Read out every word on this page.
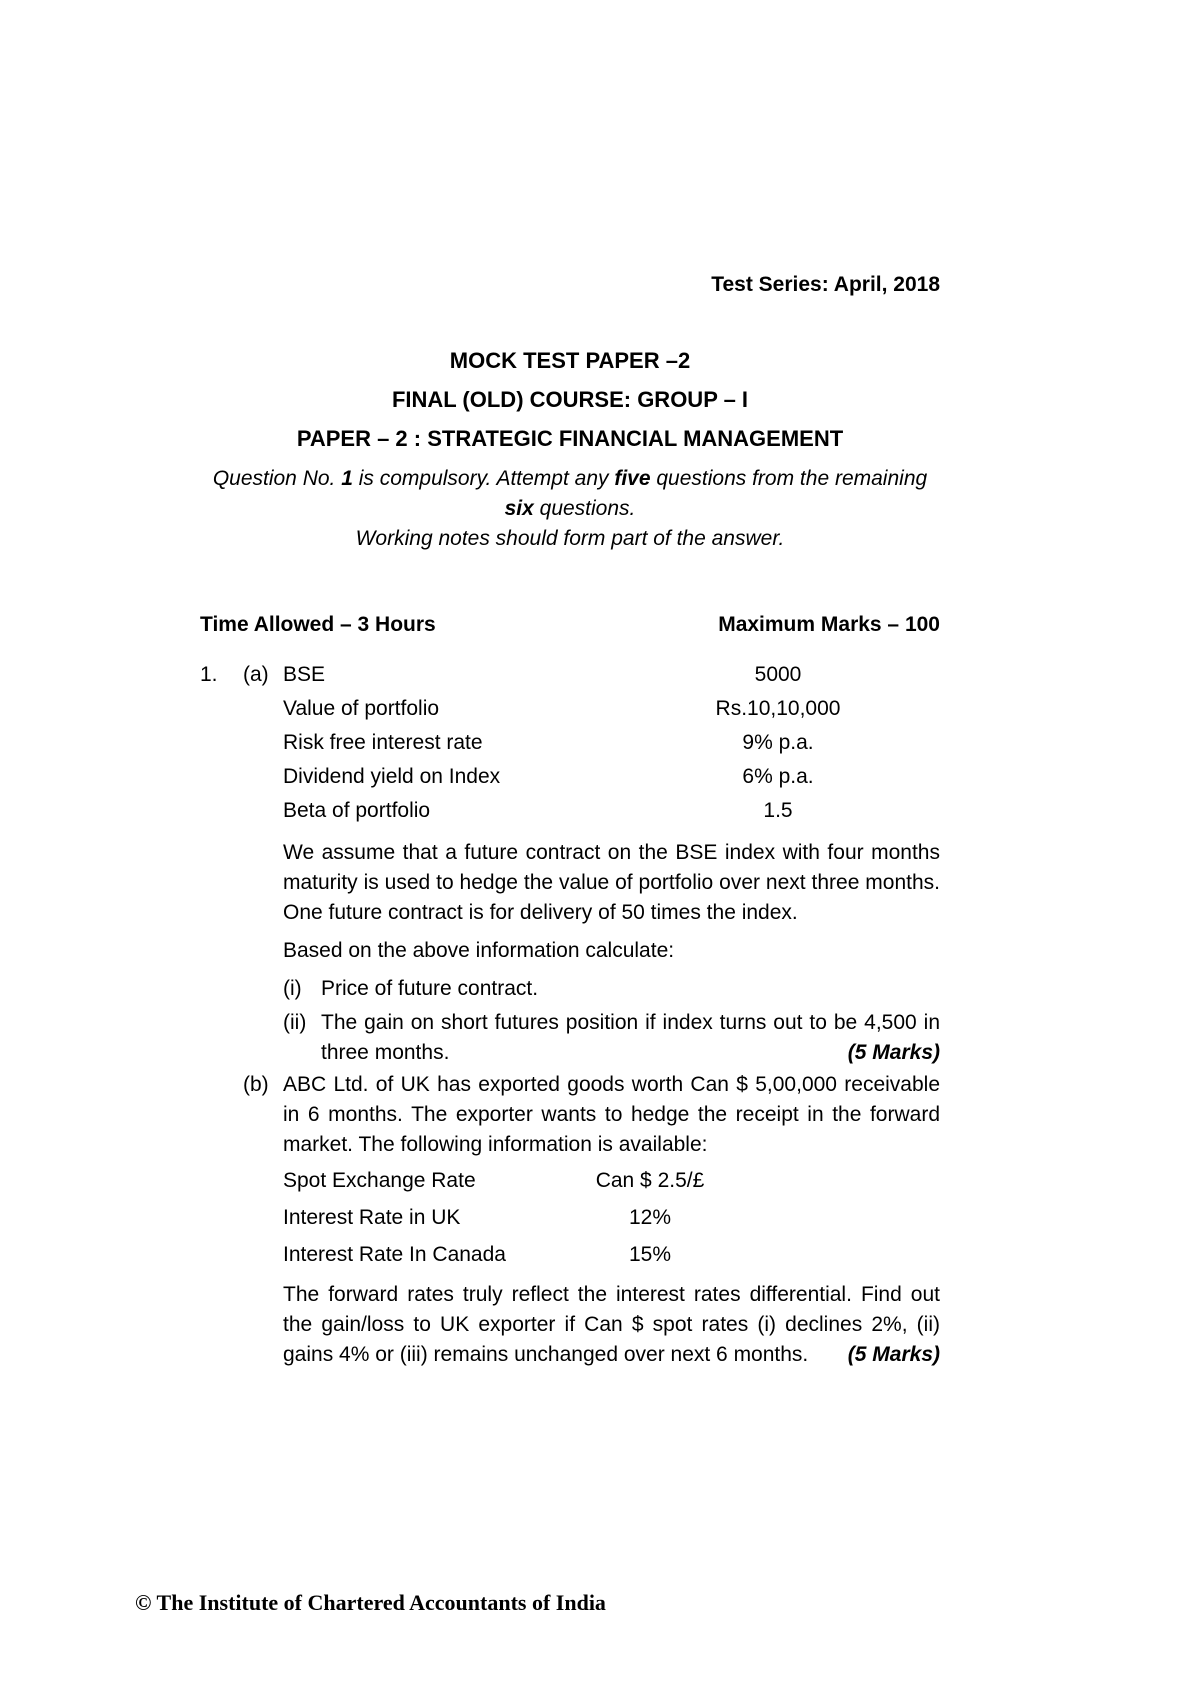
Test Series: April, 2018
MOCK TEST PAPER –2
FINAL (OLD) COURSE: GROUP – I
PAPER – 2 : STRATEGIC FINANCIAL MANAGEMENT
Question No. 1 is compulsory. Attempt any five questions from the remaining six questions.
Working notes should form part of the answer.
Time Allowed – 3 Hours	Maximum Marks – 100
1.	(a) BSE	5000
Value of portfolio	Rs.10,10,000
Risk free interest rate	9% p.a.
Dividend yield on Index	6% p.a.
Beta of portfolio	1.5
We assume that a future contract on the BSE index with four months maturity is used to hedge the value of portfolio over next three months. One future contract is for delivery of 50 times the index.
Based on the above information calculate:
(i) Price of future contract.
(ii) The gain on short futures position if index turns out to be 4,500 in three months.	(5 Marks)
(b) ABC Ltd. of UK has exported goods worth Can $ 5,00,000 receivable in 6 months. The exporter wants to hedge the receipt in the forward market. The following information is available:
Spot Exchange Rate	Can $ 2.5/£
Interest Rate in UK	12%
Interest Rate In Canada	15%
The forward rates truly reflect the interest rates differential. Find out the gain/loss to UK exporter if Can $ spot rates (i) declines 2%, (ii) gains 4% or (iii) remains unchanged over next 6 months.	(5 Marks)
© The Institute of Chartered Accountants of India
